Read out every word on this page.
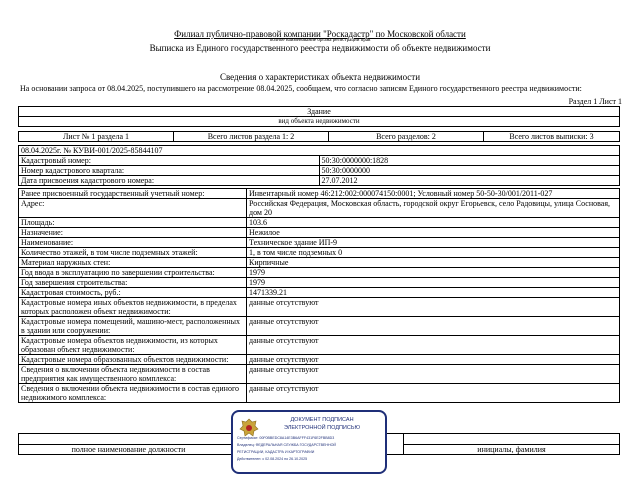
Филиал публично-правовой компании "Роскадастр" по Московской области
полное наименование органа регистрации прав
Выписка из Единого государственного реестра недвижимости об объекте недвижимости
Сведения о характеристиках объекта недвижимости
На основании запроса от 08.04.2025, поступившего на рассмотрение 08.04.2025, сообщаем, что согласно записям Единого государственного реестра недвижимости:
Раздел 1 Лист 1
Здание
вид объекта недвижимости
Лист № 1 раздела 1	Всего листов раздела 1: 2	Всего разделов: 2	Всего листов выписки: 3
08.04.2025г. № КУВИ-001/2025-85844107	
Кадастровый номер:	50:30:0000000:1828
Номер кадастрового квартала:	50:30:0000000
Дата присвоения кадастрового номера:	27.07.2012
Ранее присвоенный государственный учетный номер:	Инвентарный номер 46:212:002:000074150:0001; Условный номер 50-50-30/001/2011-027
Адрес:	Российская Федерация, Московская область, городской округ Егорьевск, село Радовицы, улица Сосновая, дом 20
Площадь:	103.6
Назначение:	Нежилое
Наименование:	Техническое здание ИП-9
Количество этажей, в том числе подземных этажей:	1, в том числе подземных 0
Материал наружных стен:	Кирпичные
Год ввода в эксплуатацию по завершении строительства:	1979
Год завершения строительства:	1979
Кадастровая стоимость, руб.:	1471339.21
Кадастровые номера иных объектов недвижимости, в пределах которых расположен объект недвижимости:	данные отсутствуют
Кадастровые номера помещений, машино-мест, расположенных в здании или сооружении:	данные отсутствуют
Кадастровые номера объектов недвижимости, из которых образован объект недвижимости:	данные отсутствуют
Кадастровые номера образованных объектов недвижимости:	данные отсутствуют
Сведения о включении объекта недвижимости в состав предприятия как имущественного комплекса:	данные отсутствуют
Сведения о включении объекта недвижимости в состав единого недвижимого комплекса:	данные отсутствуют

полное наименование должности		инициалы, фамилия
ДОКУМЕНТ ПОДПИСАН
ЭЛЕКТРОННОЙ ПОДПИСЬЮ
Сертификат: 00F0BBEDC8A14E3B6AFFF431F6E2FBB8D3
Владелец: ФЕДЕРАЛЬНАЯ СЛУЖБА ГОСУДАРСТВЕННОЙ
РЕГИСТРАЦИИ, КАДАСТРА И КАРТОГРАФИИ
Действителен: с 02.08.2024 по 26.10.2025
